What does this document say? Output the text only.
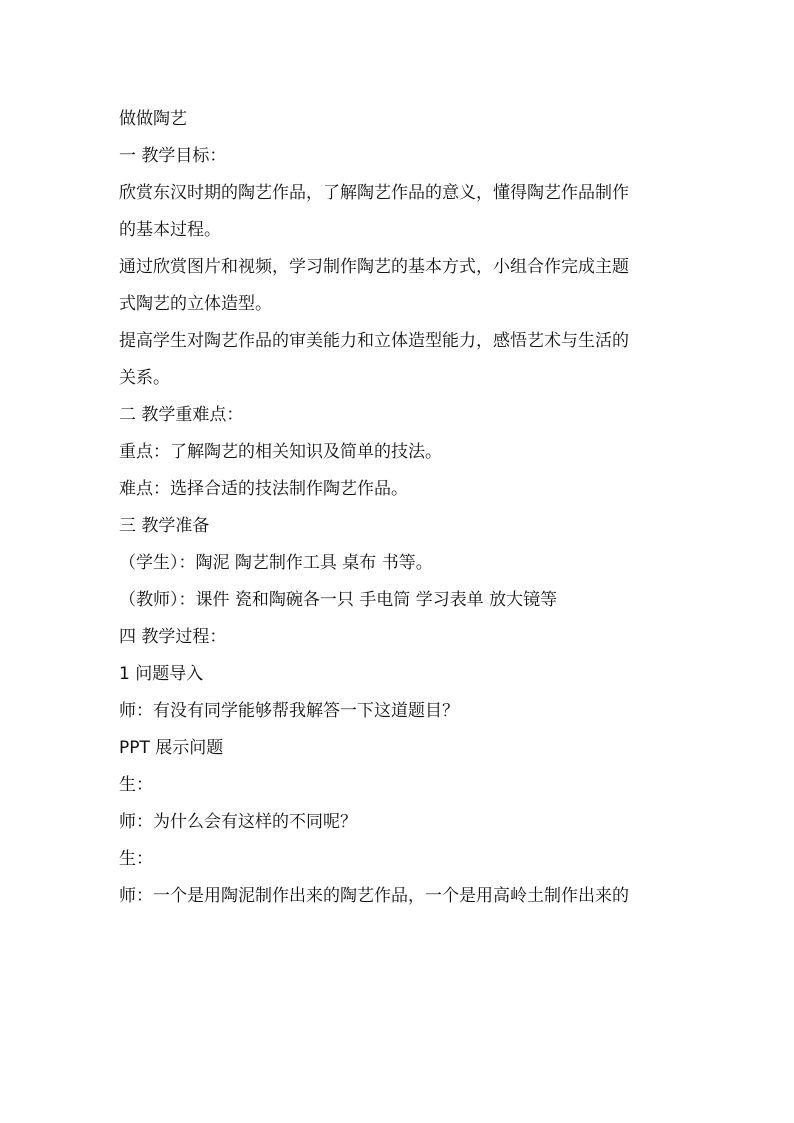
做做陶艺
一 教学目标：
欣赏东汉时期的陶艺作品，了解陶艺作品的意义，懂得陶艺作品制作
的基本过程。
通过欣赏图片和视频，学习制作陶艺的基本方式，小组合作完成主题
式陶艺的立体造型。
提高学生对陶艺作品的审美能力和立体造型能力，感悟艺术与生活的
关系。
二 教学重难点：
重点：了解陶艺的相关知识及简单的技法。
难点：选择合适的技法制作陶艺作品。
三 教学准备
（学生）：陶泥 陶艺制作工具 桌布 书等。
（教师）：课件 瓷和陶碗各一只 手电筒 学习表单 放大镜等
四 教学过程：
1 问题导入
师：有没有同学能够帮我解答一下这道题目？
PPT 展示问题
生：
师：为什么会有这样的不同呢？
生：
师：一个是用陶泥制作出来的陶艺作品，一个是用高岭土制作出来的
